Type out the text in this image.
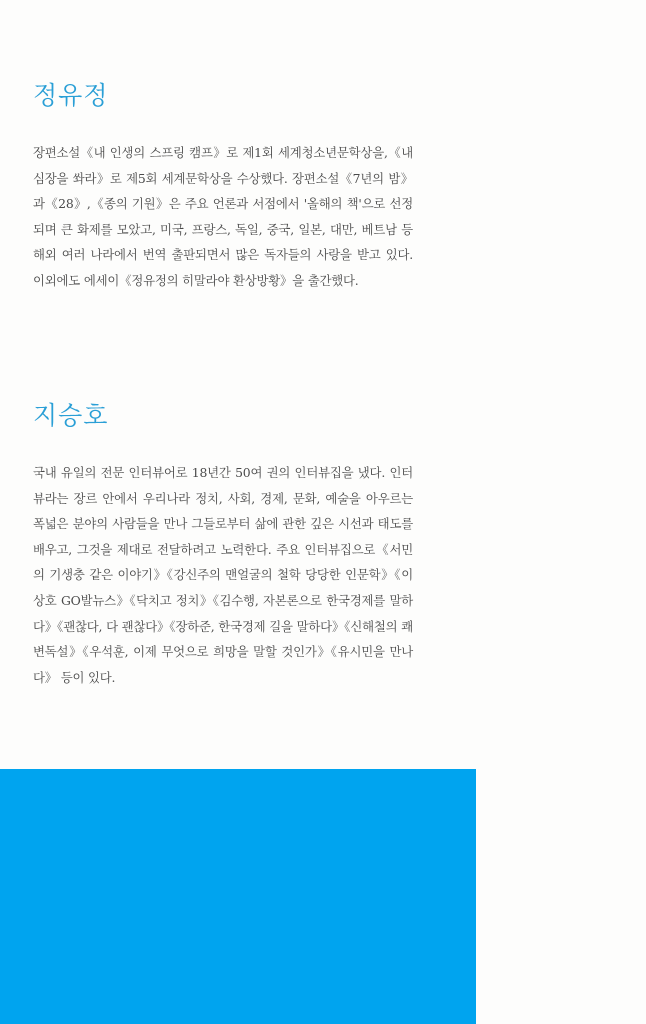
정유정

장편소설《내 인생의 스프링 캠프》로 제1회 세계청소년문학상을,《내 심장을 쏴라》로 제5회 세계문학상을 수상했다. 장편소설《7년의 밤》과《28》,《종의 기원》은 주요 언론과 서점에서 '올해의 책'으로 선정되며 큰 화제를 모았고, 미국, 프랑스, 독일, 중국, 일본, 대만, 베트남 등 해외 여러 나라에서 번역 출판되면서 많은 독자들의 사랑을 받고 있다. 이외에도 에세이《정유정의 히말라야 환상방황》을 출간했다.

지승호

국내 유일의 전문 인터뷰어로 18년간 50여 권의 인터뷰집을 냈다. 인터뷰라는 장르 안에서 우리나라 정치, 사회, 경제, 문화, 예술을 아우르는 폭넓은 분야의 사람들을 만나 그들로부터 삶에 관한 깊은 시선과 태도를 배우고, 그것을 제대로 전달하려고 노력한다. 주요 인터뷰집으로《서민의 기생충 같은 이야기》《강신주의 맨얼굴의 철학 당당한 인문학》《이상호 GO발뉴스》《닥치고 정치》《김수행, 자본론으로 한국경제를 말하다》《괜찮다, 다 괜찮다》《장하준, 한국경제 길을 말하다》《신해철의 쾌변독설》《우석훈, 이제 무엇으로 희망을 말할 것인가》《유시민을 만나다》 등이 있다.
